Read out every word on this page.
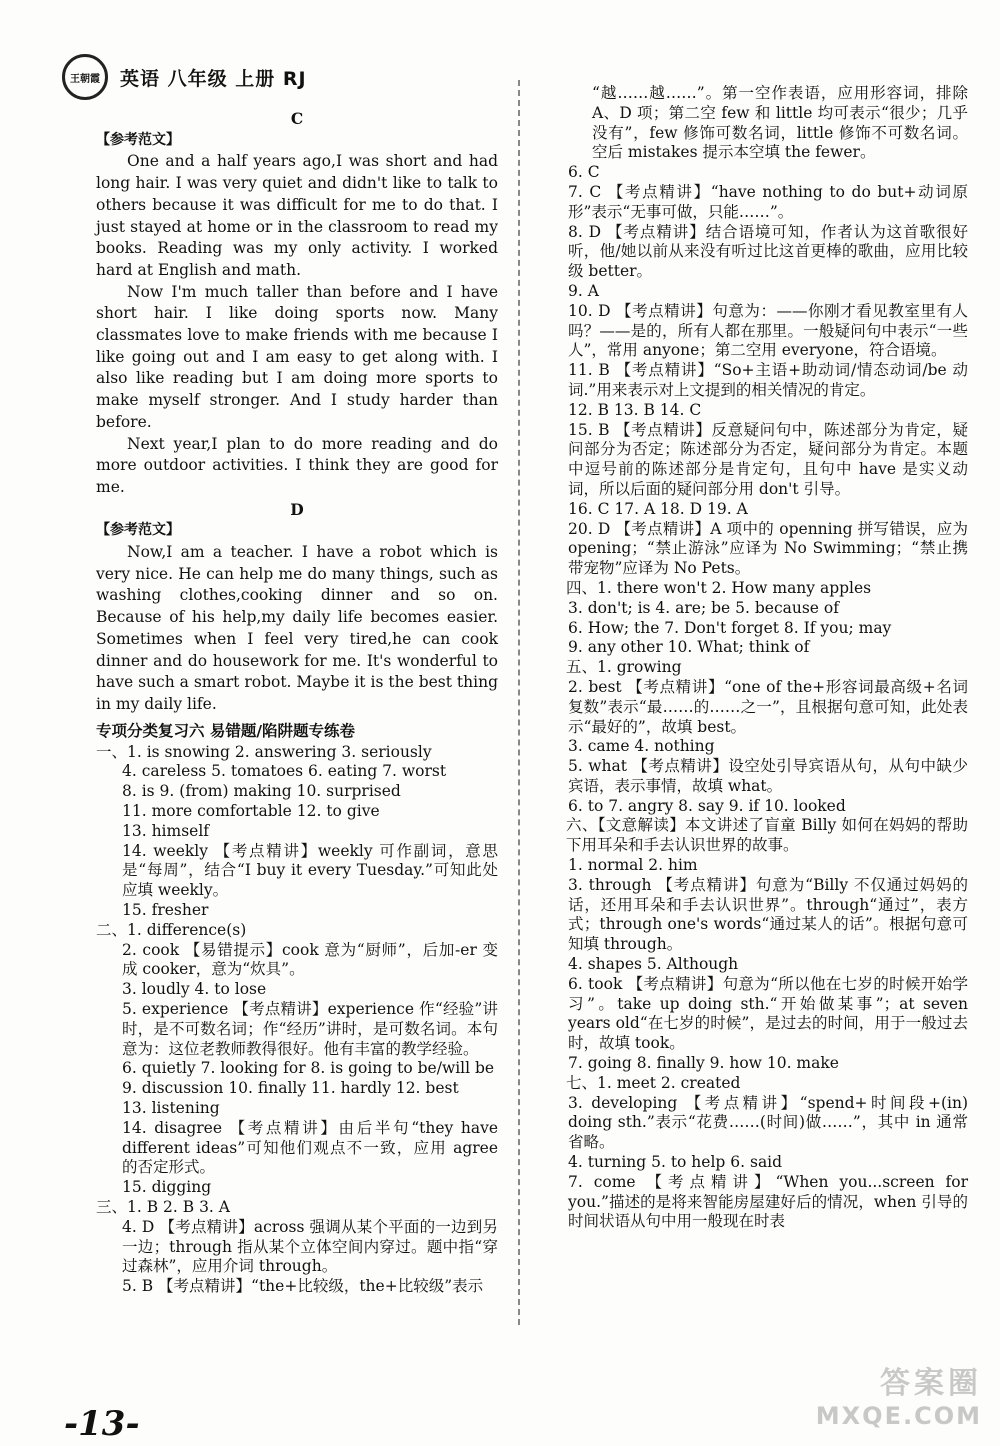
王朝霞	英语 八年级 上册 RJ
C
【参考范文】
One and a half years ago,I was short and had long hair. I was very quiet and didn't like to talk to others because it was difficult for me to do that. I just stayed at home or in the classroom to read my books. Reading was my only activity. I worked hard at English and math.
Now I'm much taller than before and I have short hair. I like doing sports now. Many classmates love to make friends with me because I like going out and I am easy to get along with. I also like reading but I am doing more sports to make myself stronger. And I study harder than before.
Next year,I plan to do more reading and do more outdoor activities. I think they are good for me.
D
【参考范文】
Now,I am a teacher. I have a robot which is very nice. He can help me do many things, such as washing clothes,cooking dinner and so on. Because of his help,my daily life becomes easier. Sometimes when I feel very tired,he can cook dinner and do housework for me. It's wonderful to have such a smart robot. Maybe it is the best thing in my daily life.
专项分类复习六 易错题/陷阱题专练卷
一、1. is snowing 2. answering 3. seriously
4. careless 5. tomatoes 6. eating 7. worst
8. is 9. (from) making 10. surprised
11. more comfortable 12. to give
13. himself
14. weekly 【考点精讲】weekly 可作副词，意思是“每周”，结合“I buy it every Tuesday.”可知此处应填 weekly。
15. fresher
二、1. difference(s)
2. cook 【易错提示】cook 意为“厨师”，后加-er 变成 cooker，意为“炊具”。
3. loudly 4. to lose
5. experience 【考点精讲】experience 作“经验”讲时，是不可数名词；作“经历”讲时，是可数名词。本句意为：这位老教师教得很好。他有丰富的教学经验。
6. quietly 7. looking for 8. is going to be/will be
9. discussion 10. finally 11. hardly 12. best
13. listening
14. disagree 【考点精讲】由后半句“they have different ideas”可知他们观点不一致，应用 agree 的否定形式。
15. digging
三、1. B 2. B 3. A
4. D 【考点精讲】across 强调从某个平面的一边到另一边；through 指从某个立体空间内穿过。题中指“穿过森林”，应用介词 through。
5. B 【考点精讲】“the+比较级，the+比较级”表示
“越……越……”。第一空作表语，应用形容词，排除 A、D 项；第二空 few 和 little 均可表示“很少；几乎没有”，few 修饰可数名词，little 修饰不可数名词。空后 mistakes 提示本空填 the fewer。
6. C
7. C 【考点精讲】“have nothing to do but+动词原形”表示“无事可做，只能……”。
8. D 【考点精讲】结合语境可知，作者认为这首歌很好听，他/她以前从来没有听过比这首更棒的歌曲，应用比较级 better。
9. A
10. D 【考点精讲】句意为：——你刚才看见教室里有人吗？——是的，所有人都在那里。一般疑问句中表示“一些人”，常用 anyone；第二空用 everyone，符合语境。
11. B 【考点精讲】“So+主语+助动词/情态动词/be 动词.”用来表示对上文提到的相关情况的肯定。
12. B 13. B 14. C
15. B 【考点精讲】反意疑问句中，陈述部分为肯定，疑问部分为否定；陈述部分为否定，疑问部分为肯定。本题中逗号前的陈述部分是肯定句，且句中 have 是实义动词，所以后面的疑问部分用 don't 引导。
16. C 17. A 18. D 19. A
20. D 【考点精讲】A 项中的 openning 拼写错误，应为 opening；“禁止游泳”应译为 No Swimming；“禁止携带宠物”应译为 No Pets。
四、1. there won't 2. How many apples
3. don't; is 4. are; be 5. because of
6. How; the 7. Don't forget 8. If you; may
9. any other 10. What; think of
五、1. growing
2. best 【考点精讲】“one of the+形容词最高级+名词复数”表示“最……的……之一”，且根据句意可知，此处表示“最好的”，故填 best。
3. came 4. nothing
5. what 【考点精讲】设空处引导宾语从句，从句中缺少宾语，表示事情，故填 what。
6. to 7. angry 8. say 9. if 10. looked
六、【文意解读】本文讲述了盲童 Billy 如何在妈妈的帮助下用耳朵和手去认识世界的故事。
1. normal 2. him
3. through 【考点精讲】句意为“Billy 不仅通过妈妈的话，还用耳朵和手去认识世界”。through“通过”，表方式；through one's words“通过某人的话”。根据句意可知填 through。
4. shapes 5. Although
6. took 【考点精讲】句意为“所以他在七岁的时候开始学习”。take up doing sth.“开始做某事”；at seven years old“在七岁的时候”，是过去的时间，用于一般过去时，故填 took。
7. going 8. finally 9. how 10. make
七、1. meet 2. created
3. developing 【考点精讲】“spend+时间段+(in) doing sth.”表示“花费……(时间)做……”，其中 in 通常省略。
4. turning 5. to help 6. said
7. come 【考点精讲】“When you...screen for you.”描述的是将来智能房屋建好后的情况，when 引导的时间状语从句中用一般现在时表
-13-
答案圈
MXQE.COM
